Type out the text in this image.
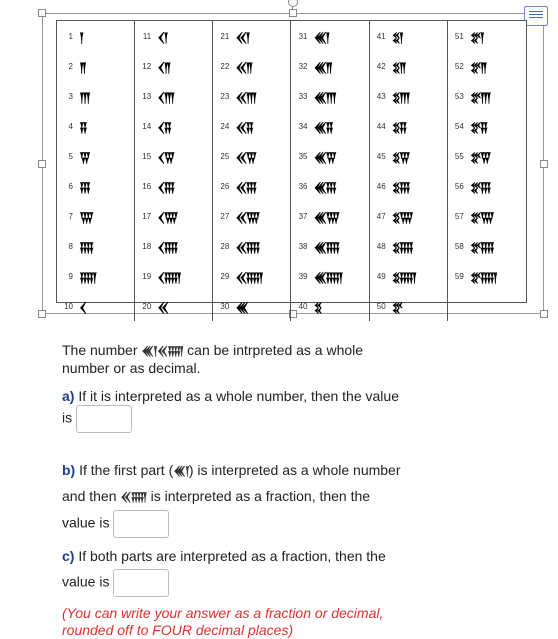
1 𒁹
2 𒈫
3 𒐈
4 𒐉
5 𒐊
6 𒐋
7 𒐌
8 𒐍
9 𒐎
10 𒌋
11 𒌋𒁹
12 𒌋𒈫
13 𒌋𒐈
14 𒌋𒐉
15 𒌋𒐊
16 𒌋𒐋
17 𒌋𒐌
18 𒌋𒐍
19 𒌋𒐎
20 𒎙
21 𒎙𒁹
22 𒎙𒈫
23 𒎙𒐈
24 𒎙𒐉
25 𒎙𒐊
26 𒎙𒐋
27 𒎙𒐌
28 𒎙𒐍
29 𒎙𒐎
30 𒌍
31 𒌍𒁹
32 𒌍𒈫
33 𒌍𒐈
34 𒌍𒐉
35 𒌍𒐊
36 𒌍𒐋
37 𒌍𒐌
38 𒌍𒐍
39 𒌍𒐎
40 𒐏
41 𒐏𒁹
42 𒐏𒈫
43 𒐏𒐈
44 𒐏𒐉
45 𒐏𒐊
46 𒐏𒐋
47 𒐏𒐌
48 𒐏𒐍
49 𒐏𒐎
50 𒐐
51 𒐐𒁹
52 𒐐𒈫
53 𒐐𒐈
54 𒐐𒐉
55 𒐐𒐊
56 𒐐𒐋
57 𒐐𒐌
58 𒐐𒐍
59 𒐐𒐎
The number 𒌍𒁹𒎙𒐎 can be intrpreted as a whole number or as decimal.
a) If it is interpreted as a whole number, then the value is
b) If the first part (𒌍𒁹) is interpreted as a whole number and then 𒎙𒐎 is interpreted as a fraction, then the value is
c) If both parts are interpreted as a fraction, then the value is
(You can write your answer as a fraction or decimal, rounded off to FOUR decimal places)
